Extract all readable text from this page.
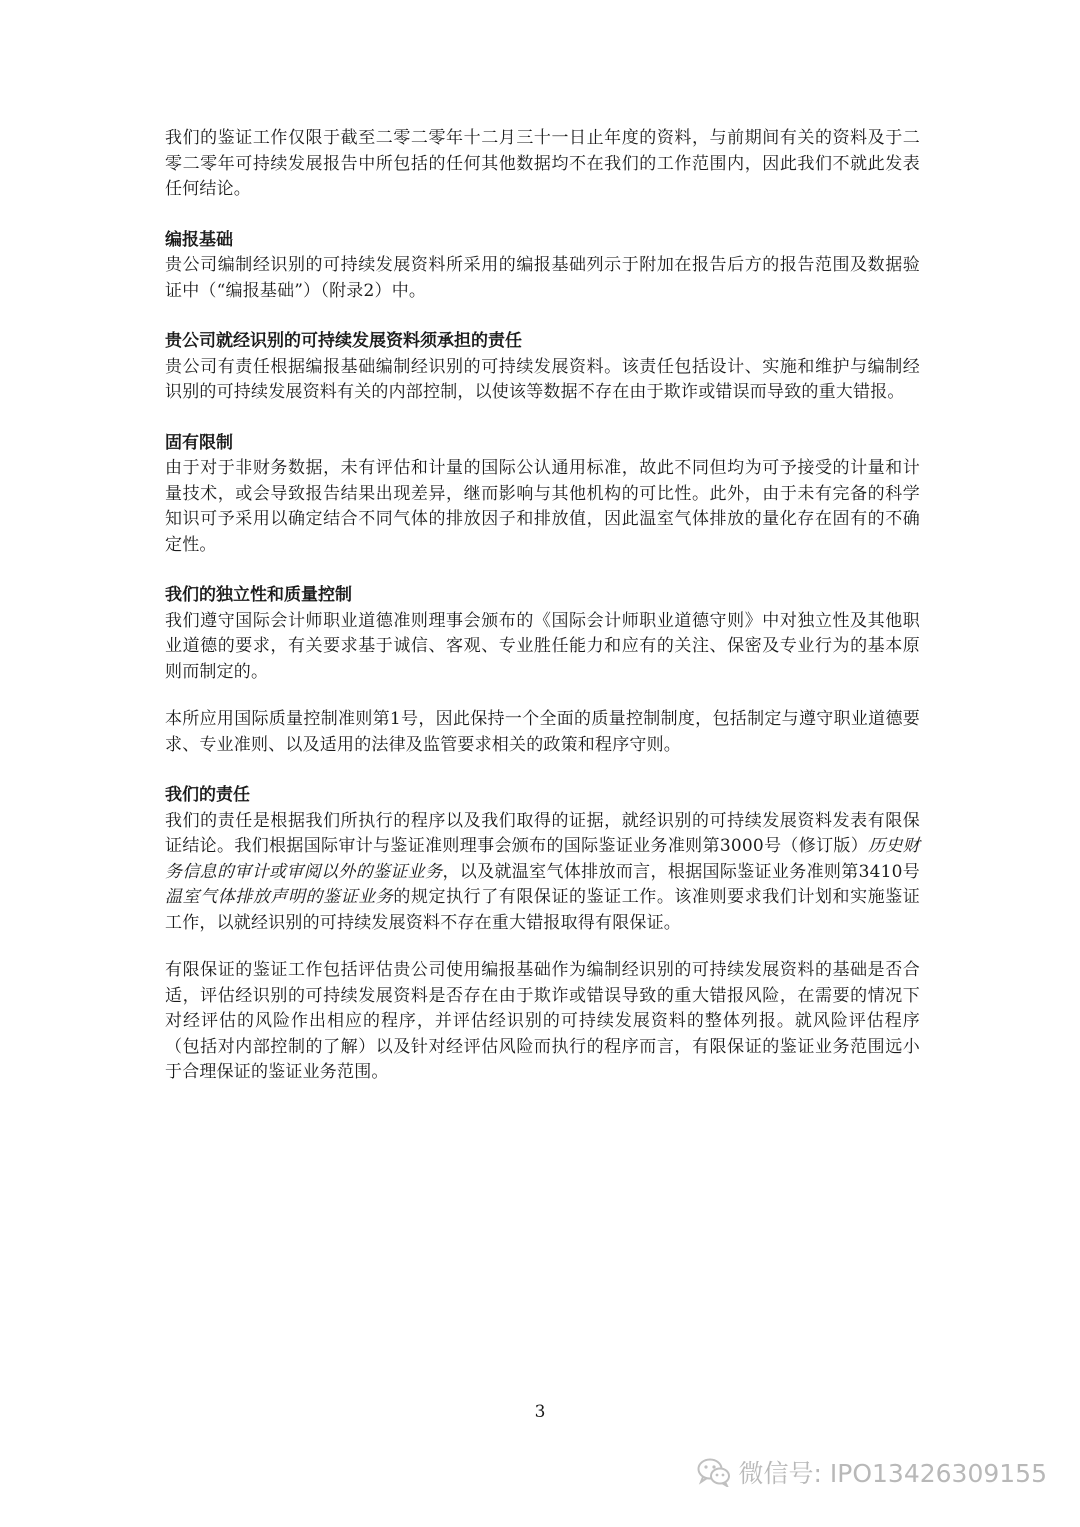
我们的鉴证工作仅限于截至二零二零年十二月三十一日止年度的资料，与前期间有关的资料及于二零二零年可持续发展报告中所包括的任何其他数据均不在我们的工作范围内，因此我们不就此发表任何结论。

编报基础

贵公司编制经识别的可持续发展资料所采用的编报基础列示于附加在报告后方的报告范围及数据验证中（“编报基础”）（附录2）中。

贵公司就经识别的可持续发展资料须承担的责任

贵公司有责任根据编报基础编制经识别的可持续发展资料。该责任包括设计、实施和维护与编制经识别的可持续发展资料有关的内部控制，以使该等数据不存在由于欺诈或错误而导致的重大错报。

固有限制

由于对于非财务数据，未有评估和计量的国际公认通用标准，故此不同但均为可予接受的计量和计量技术，或会导致报告结果出现差异，继而影响与其他机构的可比性。此外，由于未有完备的科学知识可予采用以确定结合不同气体的排放因子和排放值，因此温室气体排放的量化存在固有的不确定性。

我们的独立性和质量控制

我们遵守国际会计师职业道德准则理事会颁布的《国际会计师职业道德守则》中对独立性及其他职业道德的要求，有关要求基于诚信、客观、专业胜任能力和应有的关注、保密及专业行为的基本原则而制定的。

本所应用国际质量控制准则第1号，因此保持一个全面的质量控制制度，包括制定与遵守职业道德要求、专业准则、以及适用的法律及监管要求相关的政策和程序守则。

我们的责任

我们的责任是根据我们所执行的程序以及我们取得的证据，就经识别的可持续发展资料发表有限保证结论。我们根据国际审计与鉴证准则理事会颁布的国际鉴证业务准则第3000号（修订版）历史财务信息的审计或审阅以外的鉴证业务，以及就温室气体排放而言，根据国际鉴证业务准则第3410号温室气体排放声明的鉴证业务的规定执行了有限保证的鉴证工作。该准则要求我们计划和实施鉴证工作，以就经识别的可持续发展资料不存在重大错报取得有限保证。

有限保证的鉴证工作包括评估贵公司使用编报基础作为编制经识别的可持续发展资料的基础是否合适，评估经识别的可持续发展资料是否存在由于欺诈或错误导致的重大错报风险，在需要的情况下对经评估的风险作出相应的程序，并评估经识别的可持续发展资料的整体列报。就风险评估程序（包括对内部控制的了解）以及针对经评估风险而执行的程序而言，有限保证的鉴证业务范围远小于合理保证的鉴证业务范围。

3
微信号: IPO13426309155
